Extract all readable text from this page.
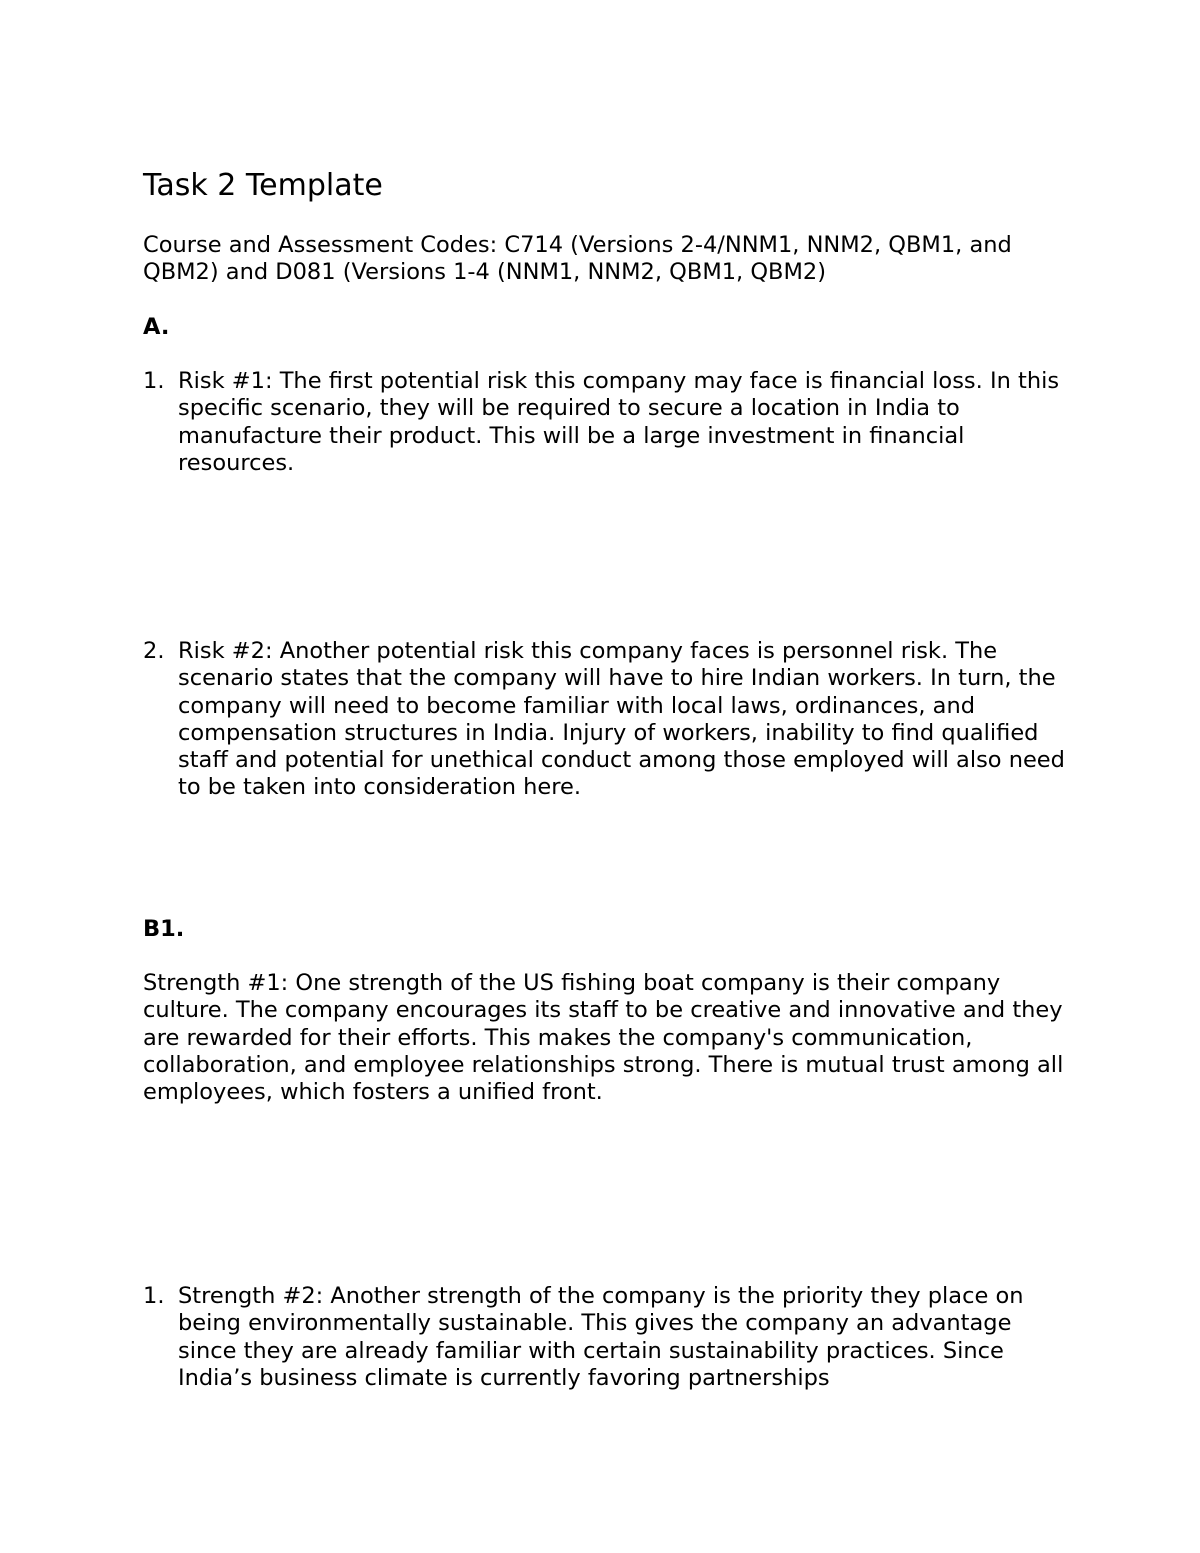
Task 2 Template

Course and Assessment Codes: C714 (Versions 2-4/NNM1, NNM2, QBM1, and QBM2) and D081 (Versions 1-4 (NNM1, NNM2, QBM1, QBM2)

A.

1. Risk #1: The first potential risk this company may face is financial loss. In this specific scenario, they will be required to secure a location in India to manufacture their product. This will be a large investment in financial resources.
2. Risk #2: Another potential risk this company faces is personnel risk. The scenario states that the company will have to hire Indian workers. In turn, the company will need to become familiar with local laws, ordinances, and compensation structures in India. Injury of workers, inability to find qualified staff and potential for unethical conduct among those employed will also need to be taken into consideration here.

B1.

Strength #1: One strength of the US fishing boat company is their company culture. The company encourages its staff to be creative and innovative and they are rewarded for their efforts. This makes the company's communication, collaboration, and employee relationships strong. There is mutual trust among all employees, which fosters a unified front.

1. Strength #2: Another strength of the company is the priority they place on being environmentally sustainable. This gives the company an advantage since they are already familiar with certain sustainability practices. Since India’s business climate is currently favoring partnerships
